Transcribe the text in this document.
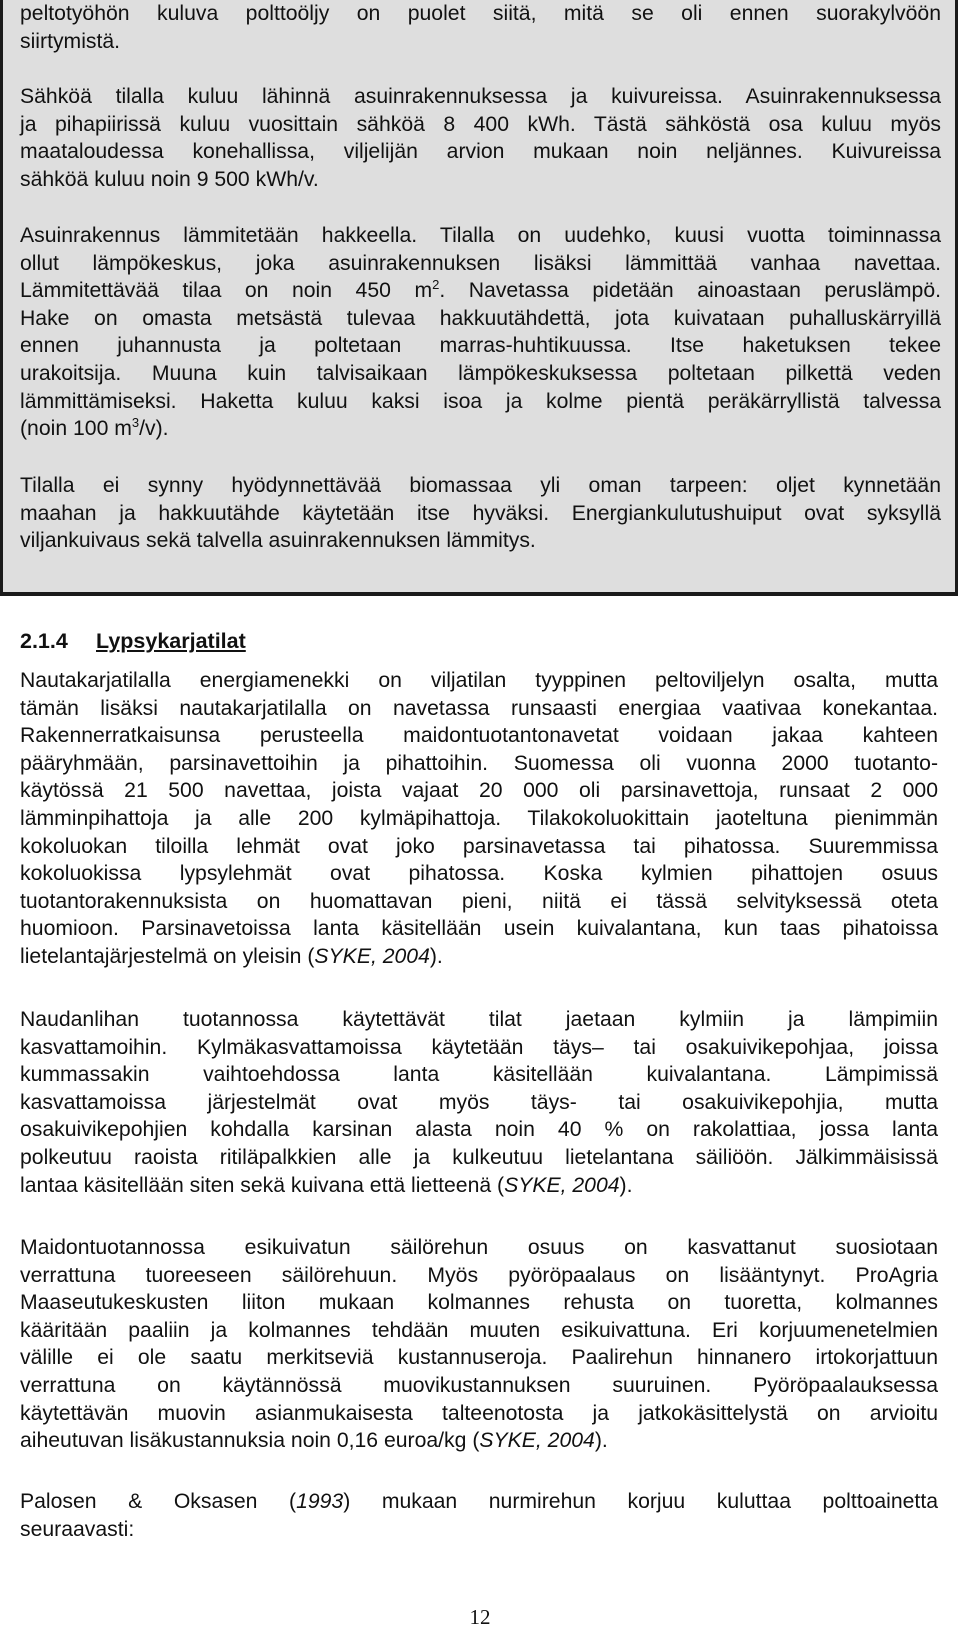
peltotyöhön kuluva polttoöljy on puolet siitä, mitä se oli ennen suorakylvöön
siirtymistä.
Sähköä tilalla kuluu lähinnä asuinrakennuksessa ja kuivureissa. Asuinrakennuksessa
ja pihapiirissä kuluu vuosittain sähköä 8 400 kWh. Tästä sähköstä osa kuluu myös
maataloudessa konehallissa, viljelijän arvion mukaan noin neljännes. Kuivureissa
sähköä kuluu noin 9 500 kWh/v.
Asuinrakennus lämmitetään hakkeella. Tilalla on uudehko, kuusi vuotta toiminnassa
ollut lämpökeskus, joka asuinrakennuksen lisäksi lämmittää vanhaa navettaa.
Lämmitettävää tilaa on noin 450 $m^2$. Navetassa pidetään ainoastaan peruslämpö.
Hake on omasta metsästä tulevaa hakkuutähdettä, jota kuivataan puhalluskärryillä
ennen juhannusta ja poltetaan marras-huhtikuussa. Itse haketuksen tekee
urakoitsija. Muuna kuin talvisaikaan lämpökeskuksessa poltetaan pilkettä veden
lämmittämiseksi. Haketta kuluu kaksi isoa ja kolme pientä peräkärryllistä talvessa
(noin 100 $m^3/v$).
Tilalla ei synny hyödynnettävää biomassaa yli oman tarpeen: oljet kynnetään
maahan ja hakkuutähde käytetään itse hyväksi. Energiankulutushuiput ovat syksyllä
viljankuivaus sekä talvella asuinrakennuksen lämmitys.
2.1.4 Lypsykarjatilat
Nautakarjatilalla energiamenekki on viljatilan tyyppinen peltoviljelyn osalta, mutta
tämän lisäksi nautakarjatilalla on navetassa runsaasti energiaa vaativaa konekantaa.
Rakennerratkaisunsa perusteella maidontuotantonavetat voidaan jakaa kahteen
pääryhmään, parsinavettoihin ja pihattoihin. Suomessa oli vuonna 2000 tuotanto-
käytössä 21 500 navettaa, joista vajaat 20 000 oli parsinavettoja, runsaat 2 000
lämminpihattoja ja alle 200 kylmäpihattoja. Tilakokoluokittain jaoteltuna pienimmän
kokoluokan tiloilla lehmät ovat joko parsinavetassa tai pihatossa. Suuremmissa
kokoluokissa lypsylehmät ovat pihatossa. Koska kylmien pihattojen osuus
tuotantorakennuksista on huomattavan pieni, niitä ei tässä selvityksessä oteta
huomioon. Parsinavetoissa lanta käsitellään usein kuivalantana, kun taas pihatoissa
lietelantajärjestelmä on yleisin (SYKE, 2004).
Naudanlihan tuotannossa käytettävät tilat jaetaan kylmiin ja lämpimiin
kasvattamoihin. Kylmäkasvattamoissa käytetään täys– tai osakuivikepohjaa, joissa
kummassakin vaihtoehdossa lanta käsitellään kuivalantana. Lämpimissä
kasvattamoissa järjestelmät ovat myös täys- tai osakuivikepohjia, mutta
osakuivikepohjien kohdalla karsinan alasta noin 40 % on rakolattiaa, jossa lanta
polkeutuu raoista ritiläpalkkien alle ja kulkeutuu lietelantana säiliöön. Jälkimmäisissä
lantaa käsitellään siten sekä kuivana että lietteenä (SYKE, 2004).
Maidontuotannossa esikuivatun säilörehun osuus on kasvattanut suosiotaan
verrattuna tuoreeseen säilörehuun. Myös pyöröpaalaus on lisääntynyt. ProAgria
Maaseutukeskusten liiton mukaan kolmannes rehusta on tuoretta, kolmannes
kääritään paaliin ja kolmannes tehdään muuten esikuivattuna. Eri korjuumenetelmien
välille ei ole saatu merkitseviä kustannuseroja. Paalirehun hinnanero irtokorjattuun
verrattuna on käytännössä muovikustannuksen suuruinen. Pyöröpaalauksessa
käytettävän muovin asianmukaisesta talteenotosta ja jatkokäsittelystä on arvioitu
aiheutuvan lisäkustannuksia noin 0,16 euroa/kg (SYKE, 2004).
Palosen & Oksasen (1993) mukaan nurmirehun korjuu kuluttaa polttoainetta
seuraavasti:
12
